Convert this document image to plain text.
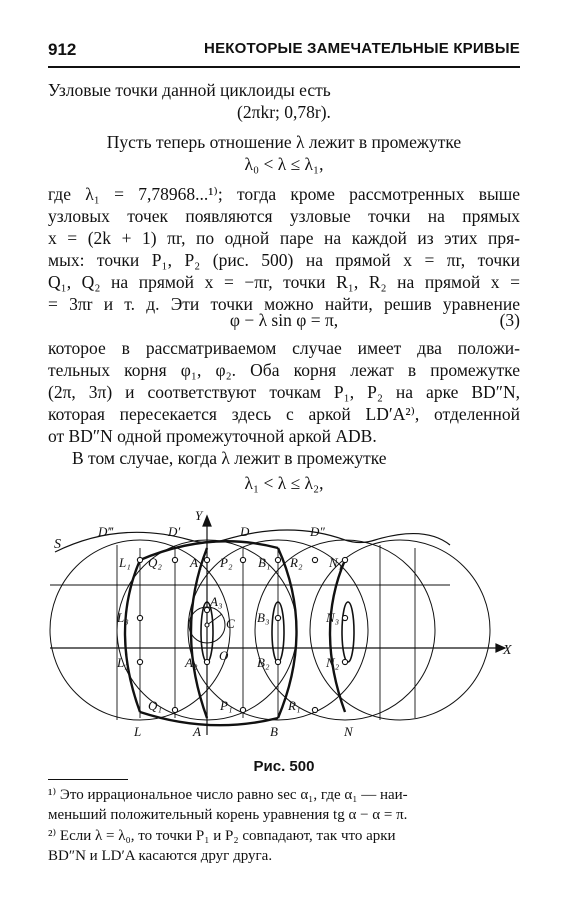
912	НЕКОТОРЫЕ ЗАМЕЧАТЕЛЬНЫЕ КРИВЫЕ
Узловые точки данной циклоиды есть
(2πkr; 0,78r).
Пусть теперь отношение λ лежит в промежутке
λ₀ < λ ≤ λ₁,
где λ₁ = 7,78968...¹⁾; тогда кроме рассмотренных выше
узловых точек появляются узловые точки на прямых
x = (2k + 1) πr, по одной паре на каждой из этих пря-
мых: точки P₁, P₂ (рис. 500) на прямой x = πr, точки
Q₁, Q₂ на прямой x = −πr, точки R₁, R₂ на прямой x =
= 3πr и т. д. Эти точки можно найти, решив уравнение
φ − λ sin φ = π,	(3)
которое в рассматриваемом случае имеет два положи-
тельных корня φ₁, φ₂. Оба корня лежат в промежутке
(2π, 3π) и соответствуют точкам P₁, P₂ на арке BD″N,
которая пересекается здесь с аркой LD′A²⁾, отделенной
от BD″N одной промежуточной аркой ADB.
В том случае, когда λ лежит в промежутке
λ₁ < λ ≤ λ₂,
S
D‴	D′	D	D″
Y
X
L₁ Q₂ A₁ P₂ B₁ R₂ N₁
A₃
C
L₃	B₃	N₃
O
L₂	A₂	B₂	N₂
Q₁	P₁	R₁
L	A	B	N
Рис. 500
¹⁾ Это иррациональное число равно sec α₁, где α₁ — наи-
меньший положительный корень уравнения tg α − α = π.
²⁾ Если λ = λ₀, то точки P₁ и P₂ совпадают, так что арки
BD″N и LD′A касаются друг друга.
